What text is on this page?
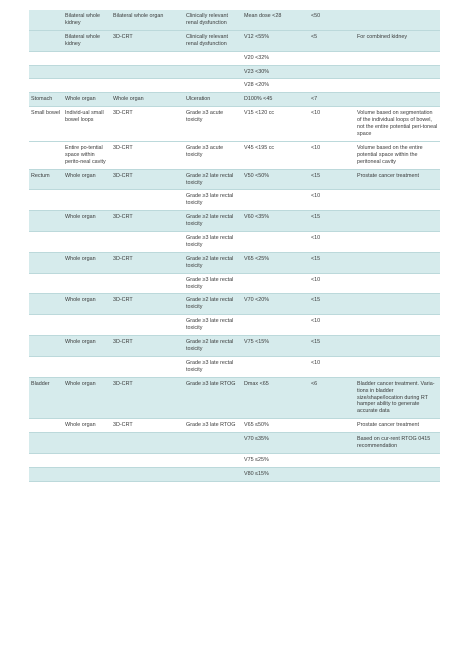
	Bilateral whole kidney	Bilateral whole organ	Clinically relevant renal dysfunction	Mean dose <28	<50	
	Bilateral whole kidney	3D-CRT	Clinically relevant renal dysfunction	V12 <55%	<5	For combined kidney
				V20 <32%		
				V23 <30%		
				V28 <20%		
Stomach	Whole organ	Whole organ	Ulceration	D100% <45	<7	
Small bowel	Individ-ual small bowel loops	3D-CRT	Grade ≥3 acute toxicity	V15 <120 cc	<10	Volume based on segmentation of the individual loops of bowel, not the entire potential peri-toneal space
	Entire po-tential space within perito-neal cavity	3D-CRT	Grade ≥3 acute toxicity	V45 <195 cc	<10	Volume based on the entire potential space within the peritoneal cavity
Rectum	Whole organ	3D-CRT	Grade ≥2 late rectal toxicity	V50 <50%	<15	Prostate cancer treatment
			Grade ≥3 late rectal toxicity		<10	
	Whole organ	3D-CRT	Grade ≥2 late rectal toxicity	V60 <35%	<15	
			Grade ≥3 late rectal toxicity		<10	
	Whole organ	3D-CRT	Grade ≥2 late rectal toxicity	V65 <25%	<15	
			Grade ≥3 late rectal toxicity		<10	
	Whole organ	3D-CRT	Grade ≥2 late rectal toxicity	V70 <20%	<15	
			Grade ≥3 late rectal toxicity		<10	
	Whole organ	3D-CRT	Grade ≥2 late rectal toxicity	V75 <15%	<15	
			Grade ≥3 late rectal toxicity		<10	
Bladder	Whole organ	3D-CRT	Grade ≥3 late RTOG	Dmax <65	<6	Bladder cancer treatment. Varia-tions in bladder size/shape/location during RT hamper ability to generate accurate data
	Whole organ	3D-CRT	Grade ≥3 late RTOG	V65 ≤50%		Prostate cancer treatment
				V70 ≤35%		Based on cur-rent RTOG 0415 recommendation
				V75 ≤25%		
				V80 ≤15%		
